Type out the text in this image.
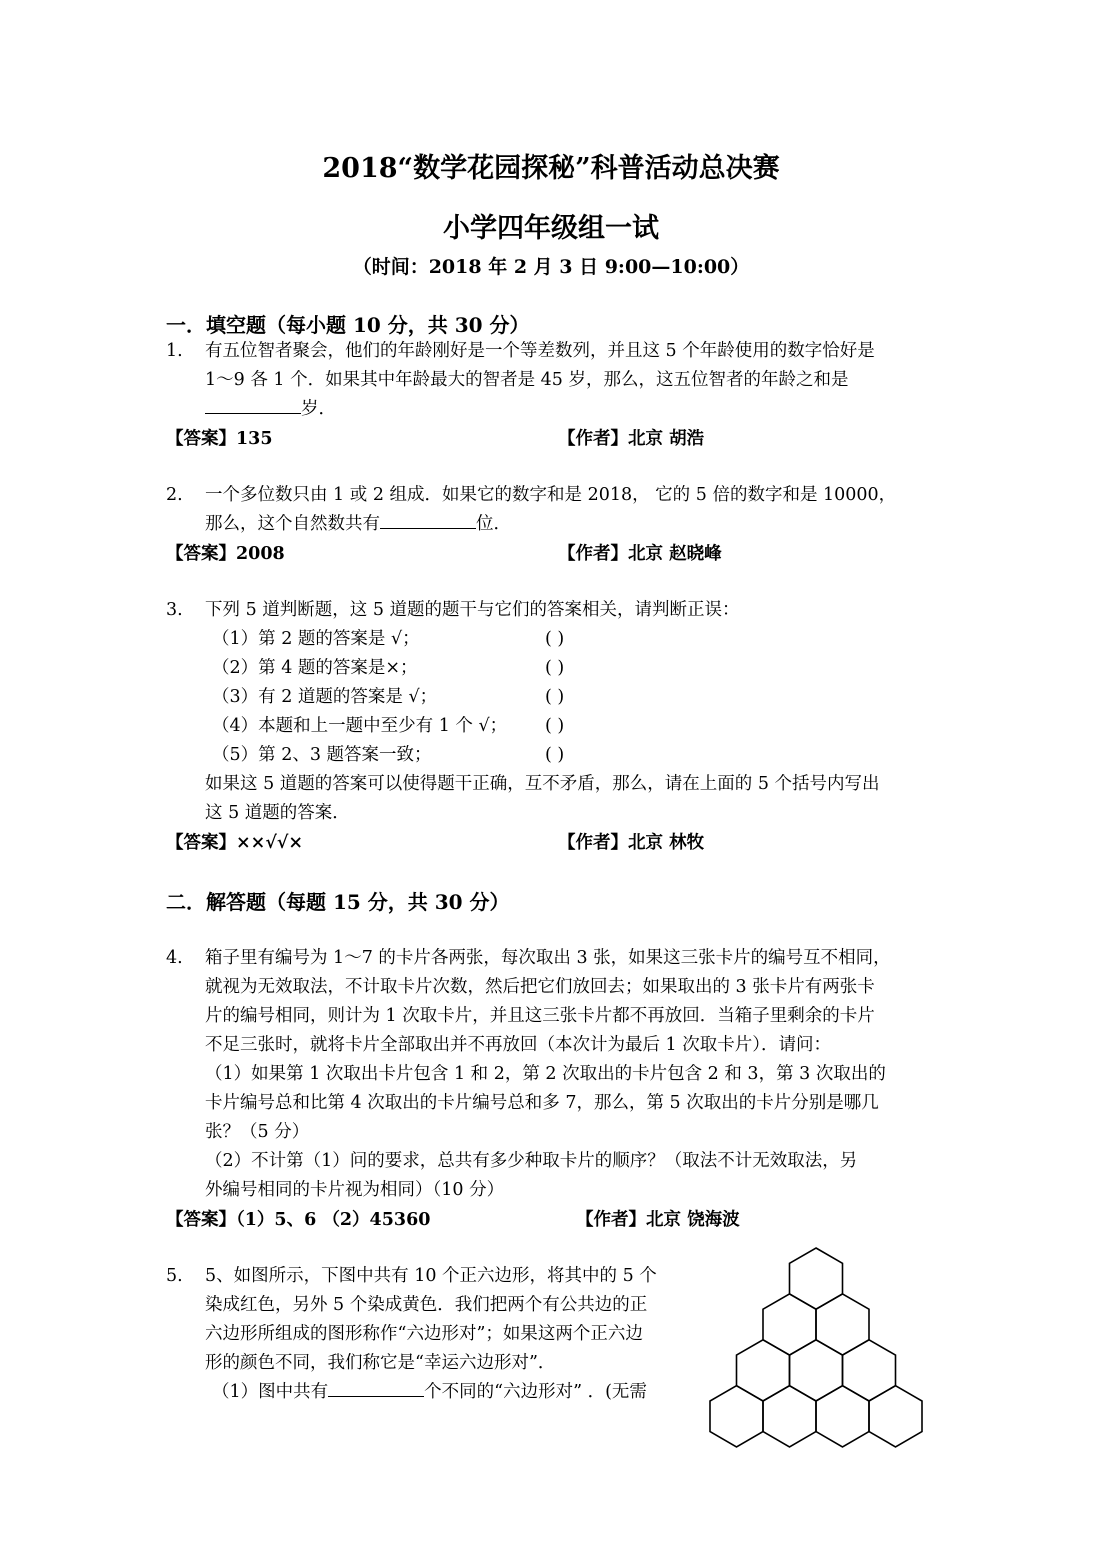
2018“数学花园探秘”科普活动总决赛
小学四年级组一试
（时间：2018 年 2 月 3 日 9:00—10:00）
一．填空题（每小题 10 分，共 30 分）
1. 有五位智者聚会，他们的年龄刚好是一个等差数列，并且这 5 个年龄使用的数字恰好是
1～9 各 1 个．如果其中年龄最大的智者是 45 岁，那么，这五位智者的年龄之和是
岁．
【答案】135	【作者】北京 胡浩
2. 一个多位数只由 1 或 2 组成．如果它的数字和是 2018， 它的 5 倍的数字和是 10000，
那么，这个自然数共有	位．
【答案】2008	【作者】北京 赵晓峰
3. 下列 5 道判断题，这 5 道题的题干与它们的答案相关，请判断正误：
（1）第 2 题的答案是 √；	( )
（2）第 4 题的答案是×；	( )
（3）有 2 道题的答案是 √；	( )
（4）本题和上一题中至少有 1 个 √； ( )
（5）第 2、3 题答案一致；	( )
如果这 5 道题的答案可以使得题干正确，互不矛盾，那么，请在上面的 5 个括号内写出
这 5 道题的答案．
【答案】××√√×	【作者】北京 林牧
二．解答题（每题 15 分，共 30 分）
4. 箱子里有编号为 1～7 的卡片各两张，每次取出 3 张，如果这三张卡片的编号互不相同，
就视为无效取法，不计取卡片次数，然后把它们放回去；如果取出的 3 张卡片有两张卡
片的编号相同，则计为 1 次取卡片，并且这三张卡片都不再放回．当箱子里剩余的卡片
不足三张时，就将卡片全部取出并不再放回（本次计为最后 1 次取卡片）．请问：
（1）如果第 1 次取出卡片包含 1 和 2，第 2 次取出的卡片包含 2 和 3，第 3 次取出的
卡片编号总和比第 4 次取出的卡片编号总和多 7，那么，第 5 次取出的卡片分别是哪几
张？（5 分）
（2）不计第（1）问的要求，总共有多少种取卡片的顺序？（取法不计无效取法，另
外编号相同的卡片视为相同）（10 分）
【答案】（1）5、6 （2）45360	【作者】北京 饶海波
5. 5、如图所示，下图中共有 10 个正六边形，将其中的 5 个
染成红色，另外 5 个染成黄色．我们把两个有公共边的正
六边形所组成的图形称作“六边形对”；如果这两个正六边
形的颜色不同，我们称它是“幸运六边形对”．
（1）图中共有	个不同的“六边形对” ．(无需
